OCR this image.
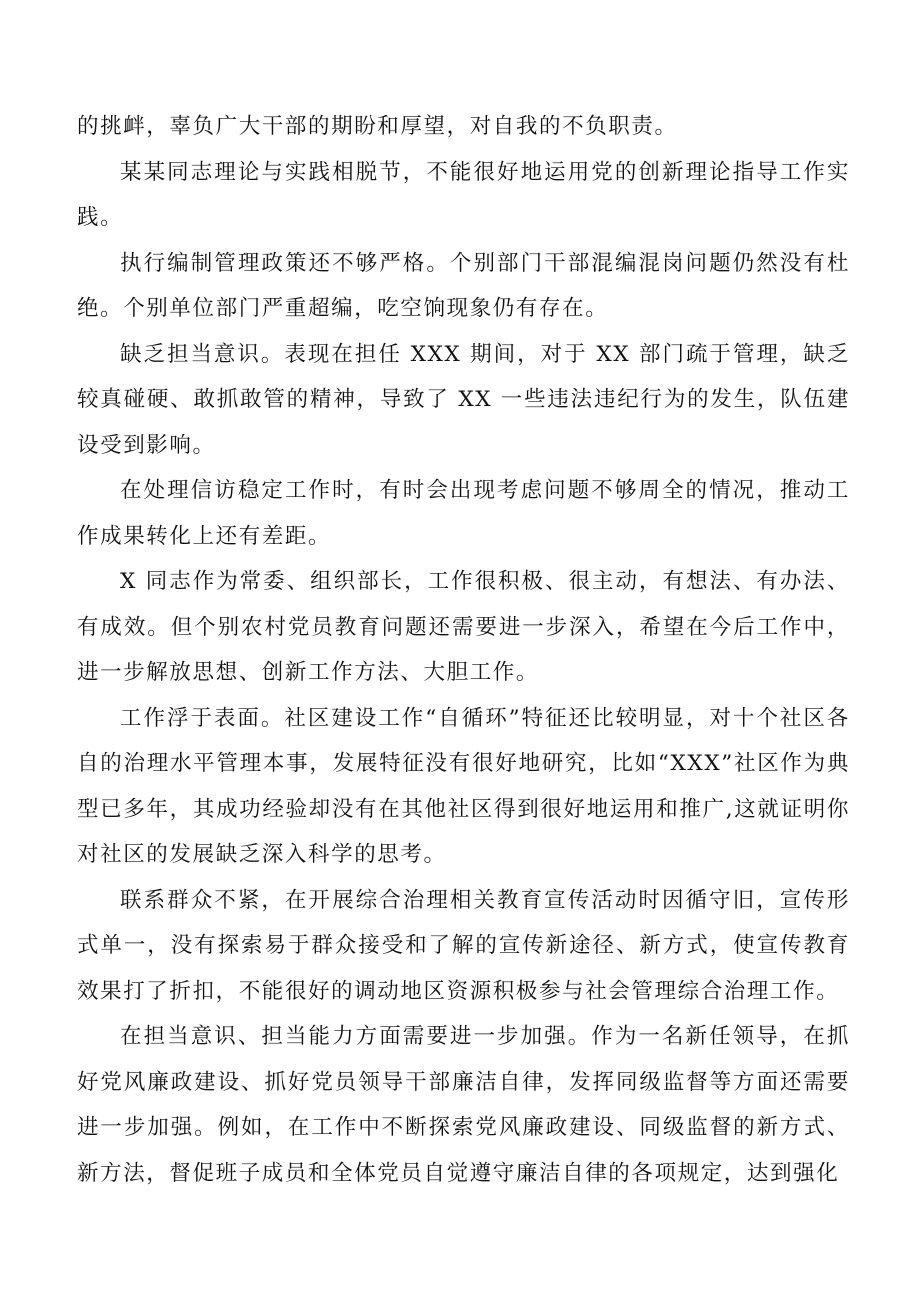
的挑衅，辜负广大干部的期盼和厚望，对自我的不负职责。

某某同志理论与实践相脱节，不能很好地运用党的创新理论指导工作实践。

执行编制管理政策还不够严格。个别部门干部混编混岗问题仍然没有杜绝。个别单位部门严重超编，吃空饷现象仍有存在。

缺乏担当意识。表现在担任 XXX 期间，对于 XX 部门疏于管理，缺乏较真碰硬、敢抓敢管的精神，导致了 XX 一些违法违纪行为的发生，队伍建设受到影响。

在处理信访稳定工作时，有时会出现考虑问题不够周全的情况，推动工作成果转化上还有差距。

X 同志作为常委、组织部长，工作很积极、很主动，有想法、有办法、有成效。但个别农村党员教育问题还需要进一步深入，希望在今后工作中，进一步解放思想、创新工作方法、大胆工作。

工作浮于表面。社区建设工作“自循环”特征还比较明显，对十个社区各自的治理水平管理本事，发展特征没有很好地研究，比如“XXX”社区作为典型已多年，其成功经验却没有在其他社区得到很好地运用和推广,这就证明你对社区的发展缺乏深入科学的思考。

联系群众不紧，在开展综合治理相关教育宣传活动时因循守旧，宣传形式单一，没有探索易于群众接受和了解的宣传新途径、新方式，使宣传教育效果打了折扣，不能很好的调动地区资源积极参与社会管理综合治理工作。

在担当意识、担当能力方面需要进一步加强。作为一名新任领导，在抓好党风廉政建设、抓好党员领导干部廉洁自律，发挥同级监督等方面还需要进一步加强。例如，在工作中不断探索党风廉政建设、同级监督的新方式、新方法，督促班子成员和全体党员自觉遵守廉洁自律的各项规定，达到强化
